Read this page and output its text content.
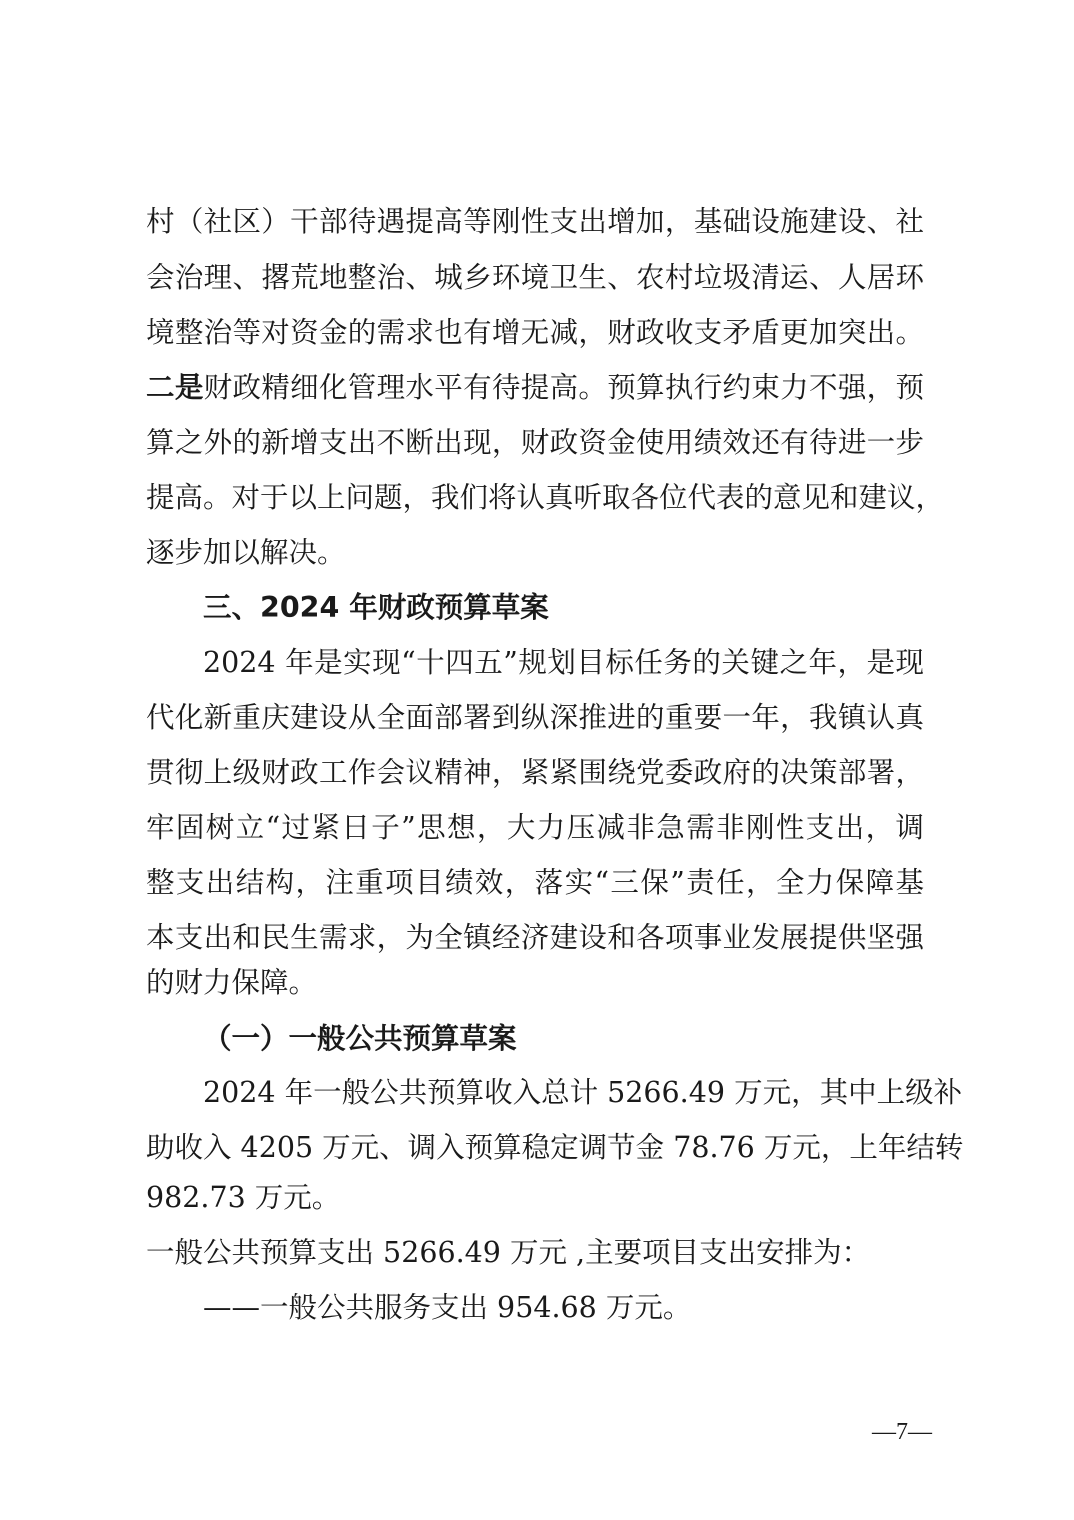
村（社区）干部待遇提高等刚性支出增加，基础设施建设、社
会治理、撂荒地整治、城乡环境卫生、农村垃圾清运、人居环
境整治等对资金的需求也有增无减，财政收支矛盾更加突出。
二是财政精细化管理水平有待提高。预算执行约束力不强，预
算之外的新增支出不断出现，财政资金使用绩效还有待进一步
提高。对于以上问题，我们将认真听取各位代表的意见和建议，
逐步加以解决。
三、2024 年财政预算草案
2024 年是实现“十四五”规划目标任务的关键之年，是现
代化新重庆建设从全面部署到纵深推进的重要一年，我镇认真
贯彻上级财政工作会议精神，紧紧围绕党委政府的决策部署，
牢固树立“过紧日子”思想，大力压减非急需非刚性支出，调
整支出结构，注重项目绩效，落实“三保”责任，全力保障基
本支出和民生需求，为全镇经济建设和各项事业发展提供坚强
的财力保障。
（一）一般公共预算草案
2024 年一般公共预算收入总计 5266.49 万元，其中上级补
助收入 4205 万元、调入预算稳定调节金 78.76 万元，上年结转
982.73 万元。
一般公共预算支出 5266.49 万元 ,主要项目支出安排为：
——一般公共服务支出 954.68 万元。
—7—
